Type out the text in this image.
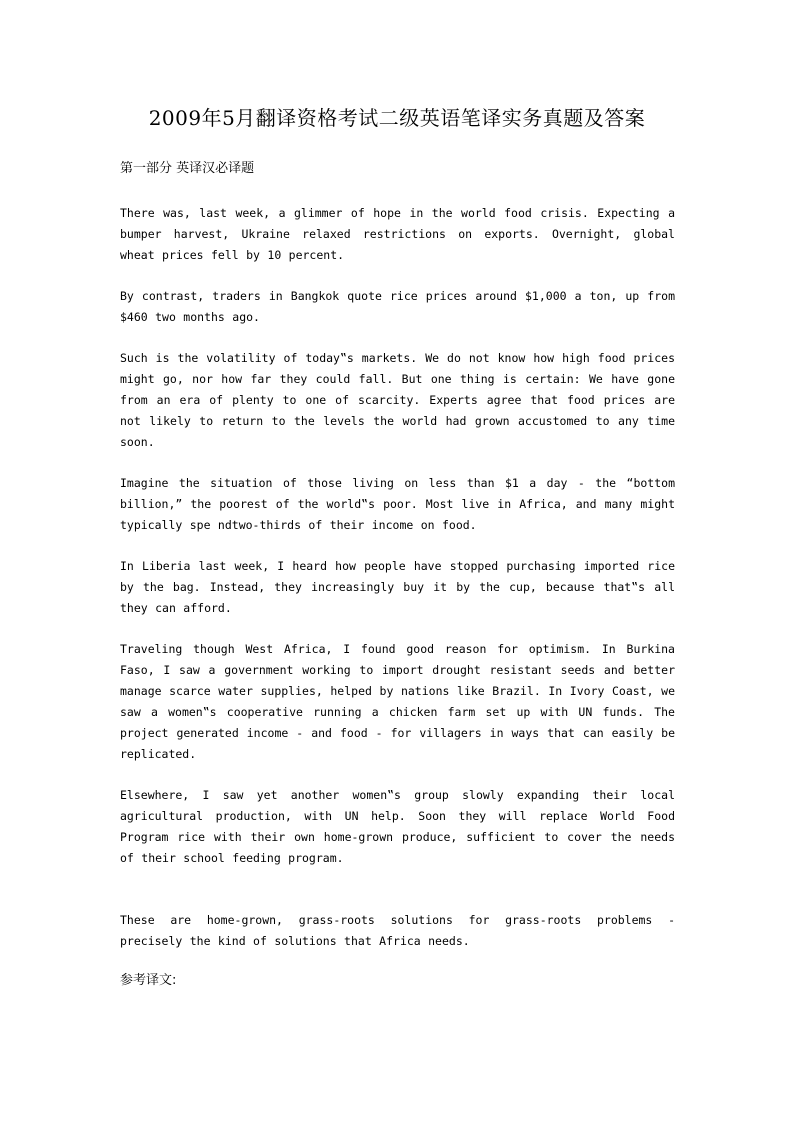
2009年5月翻译资格考试二级英语笔译实务真题及答案
第一部分 英译汉必译题
There was, last week, a glimmer of hope in the world food crisis. Expecting a bumper harvest, Ukraine relaxed restrictions on exports. Overnight, global wheat prices fell by 10 percent.
By contrast, traders in Bangkok quote rice prices around $1,000 a ton, up from $460 two months ago.
Such is the volatility of today‟s markets. We do not know how high food prices might go, nor how far they could fall. But one thing is certain: We have gone from an era of plenty to one of scarcity. Experts agree that food prices are not likely to return to the levels the world had grown accustomed to any time soon.
Imagine the situation of those living on less than $1 a day - the “bottom billion,” the poorest of the world‟s poor. Most live in Africa, and many might typically spe ndtwo-thirds of their income on food.
In Liberia last week, I heard how people have stopped purchasing imported rice by the bag. Instead, they increasingly buy it by the cup, because that‟s all they can afford.
Traveling though West Africa, I found good reason for optimism. In Burkina Faso, I saw a government working to import drought resistant seeds and better manage scarce water supplies, helped by nations like Brazil. In Ivory Coast, we saw a women‟s cooperative running a chicken farm set up with UN funds. The project generated income - and food - for villagers in ways that can easily be replicated.
Elsewhere, I saw yet another women‟s group slowly expanding their local agricultural production, with UN help. Soon they will replace World Food Program rice with their own home-grown produce, sufficient to cover the needs of their school feeding program.
These are home-grown, grass-roots solutions for grass-roots problems - precisely the kind of solutions that Africa needs.
参考译文:
